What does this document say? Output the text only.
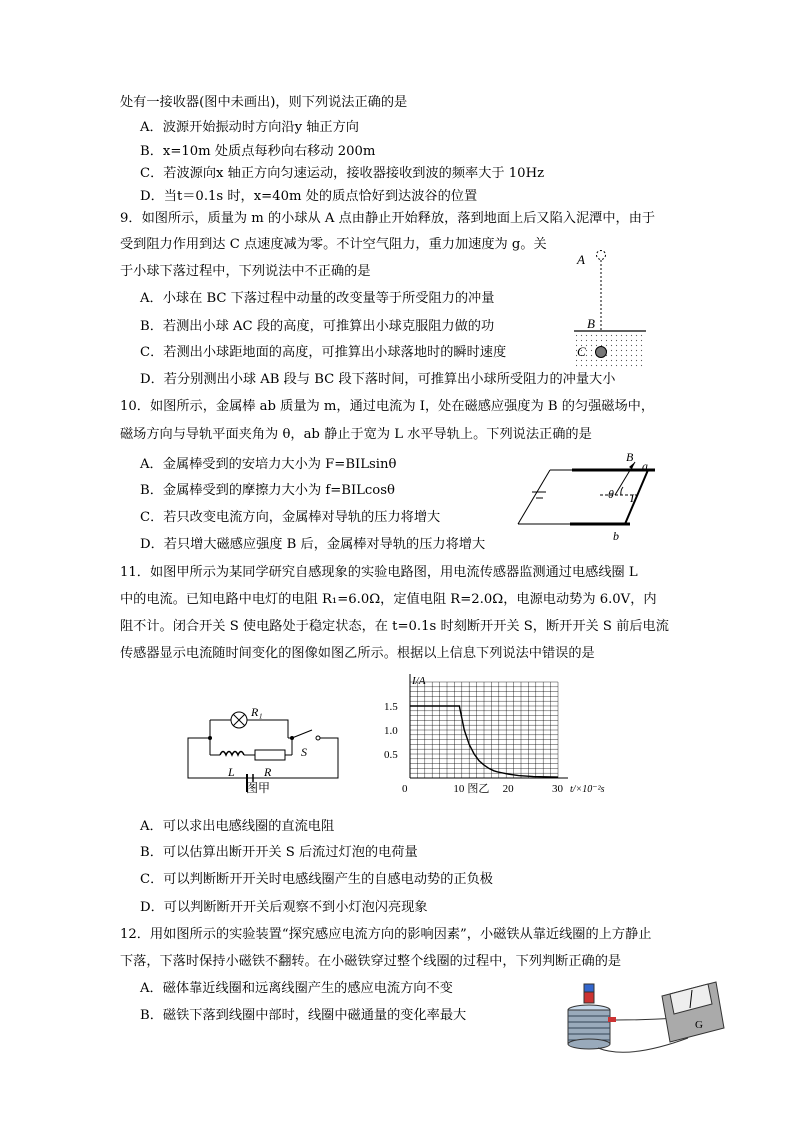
处有一接收器(图中未画出)，则下列说法正确的是
A．波源开始振动时方向沿y 轴正方向
B．x=10m 处质点每秒向右移动 200m
C．若波源向x 轴正方向匀速运动，接收器接收到波的频率大于 10Hz
D．当t＝0.1s 时，x=40m 处的质点恰好到达波谷的位置
9．如图所示，质量为 m 的小球从 A 点由静止开始释放，落到地面上后又陷入泥潭中，由于
受到阻力作用到达 C 点速度减为零。不计空气阻力，重力加速度为 g。关
于小球下落过程中，下列说法中不正确的是
A．小球在 BC 下落过程中动量的改变量等于所受阻力的冲量
B．若测出小球 AC 段的高度，可推算出小球克服阻力做的功
C．若测出小球距地面的高度，可推算出小球落地时的瞬时速度
D．若分别测出小球 AB 段与 BC 段下落时间，可推算出小球所受阻力的冲量大小
A
B
C
10．如图所示，金属棒 ab 质量为 m，通过电流为 I，处在磁感应强度为 B 的匀强磁场中，
磁场方向与导轨平面夹角为 θ，ab 静止于宽为 L 水平导轨上。下列说法正确的是
A．金属棒受到的安培力大小为 F=BILsinθ
B．金属棒受到的摩擦力大小为 f=BILcosθ
C．若只改变电流方向，金属棒对导轨的压力将增大
D．若只增大磁感应强度 B 后，金属棒对导轨的压力将增大
B
a
b
θ I
11．如图甲所示为某同学研究自感现象的实验电路图，用电流传感器监测通过电感线圈 L
中的电流。已知电路中电灯的电阻 R₁=6.0Ω，定值电阻 R=2.0Ω，电源电动势为 6.0V，内
阻不计。闭合开关 S 使电路处于稳定状态，在 t=0.1s 时刻断开开关 S，断开开关 S 前后电流
传感器显示电流随时间变化的图像如图乙所示。根据以上信息下列说法中错误的是
R₁
L R
S
图甲
0.5
1.0
1.5
0	10	20	30
I/A
t/×10⁻²s
图乙
A．可以求出电感线圈的直流电阻
B．可以估算出断开开关 S 后流过灯泡的电荷量
C．可以判断断开开关时电感线圈产生的自感电动势的正负极
D．可以判断断开开关后观察不到小灯泡闪亮现象
12．用如图所示的实验装置“探究感应电流方向的影响因素”，小磁铁从靠近线圈的上方静止
下落，下落时保持小磁铁不翻转。在小磁铁穿过整个线圈的过程中，下列判断正确的是
A．磁体靠近线圈和远离线圈产生的感应电流方向不变
B．磁铁下落到线圈中部时，线圈中磁通量的变化率最大
G
